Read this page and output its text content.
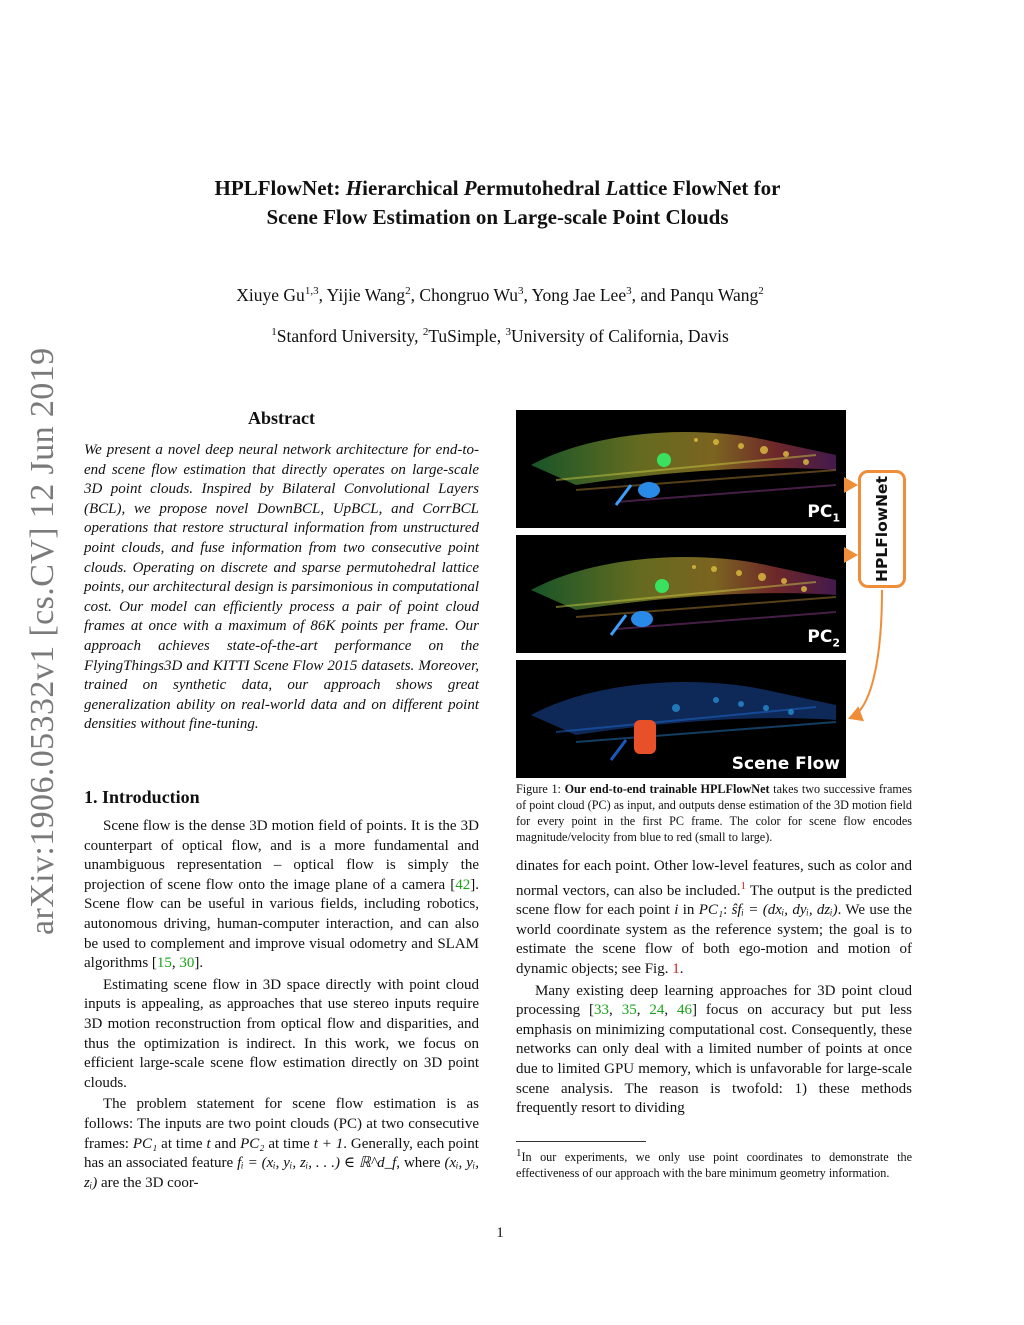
arXiv:1906.05332v1 [cs.CV] 12 Jun 2019
HPLFlowNet: Hierarchical Permutohedral Lattice FlowNet for
Scene Flow Estimation on Large-scale Point Clouds

Xiuye Gu$^{1,3}$, Yijie Wang$^2$, Chongruo Wu$^3$, Yong Jae Lee$^3$, and Panqu Wang$^2$

$^1$Stanford University, $^2$TuSimple, $^3$University of California, Davis

Abstract

We present a novel deep neural network architecture for end-to-end scene flow estimation that directly operates on large-scale 3D point clouds. Inspired by Bilateral Convolutional Layers (BCL), we propose novel DownBCL, UpBCL, and CorrBCL operations that restore structural information from unstructured point clouds, and fuse information from two consecutive point clouds. Operating on discrete and sparse permutohedral lattice points, our architectural design is parsimonious in computational cost. Our model can efficiently process a pair of point cloud frames at once with a maximum of 86K points per frame. Our approach achieves state-of-the-art performance on the FlyingThings3D and KITTI Scene Flow 2015 datasets. Moreover, trained on synthetic data, our approach shows great generalization ability on real-world data and on different point densities without fine-tuning.

1. Introduction

Scene flow is the dense 3D motion field of points. It is the 3D counterpart of optical flow, and is a more fundamental and unambiguous representation – optical flow is simply the projection of scene flow onto the image plane of a camera [42]. Scene flow can be useful in various fields, including robotics, autonomous driving, human-computer interaction, and can also be used to complement and improve visual odometry and SLAM algorithms [15, 30].

Estimating scene flow in 3D space directly with point cloud inputs is appealing, as approaches that use stereo inputs require 3D motion reconstruction from optical flow and disparities, and thus the optimization is indirect. In this work, we focus on efficient large-scale scene flow estimation directly on 3D point clouds.

The problem statement for scene flow estimation is as follows: The inputs are two point clouds (PC) at two consecutive frames: PC₁ at time t and PC₂ at time t + 1. Generally, each point has an associated feature fᵢ = (xᵢ, yᵢ, zᵢ, . . .) ∈ ℝ^d_f, where (xᵢ, yᵢ, zᵢ) are the 3D coor-

$PC_1$
$PC_2$
Scene Flow
HPLFlowNet

Figure 1: Our end-to-end trainable HPLFlowNet takes two successive frames of point cloud (PC) as input, and outputs dense estimation of the 3D motion field for every point in the first PC frame. The color for scene flow encodes magnitude/velocity from blue to red (small to large).

dinates for each point. Other low-level features, such as color and normal vectors, can also be included.$^1$ The output is the predicted scene flow for each point i in PC₁: ŝfᵢ = (dxᵢ, dyᵢ, dzᵢ). We use the world coordinate system as the reference system; the goal is to estimate the scene flow of both ego-motion and motion of dynamic objects; see Fig. 1.

Many existing deep learning approaches for 3D point cloud processing [33, 35, 24, 46] focus on accuracy but put less emphasis on minimizing computational cost. Consequently, these networks can only deal with a limited number of points at once due to limited GPU memory, which is unfavorable for large-scale scene analysis. The reason is twofold: 1) these methods frequently resort to dividing

$^1$In our experiments, we only use point coordinates to demonstrate the effectiveness of our approach with the bare minimum geometry information.

1
